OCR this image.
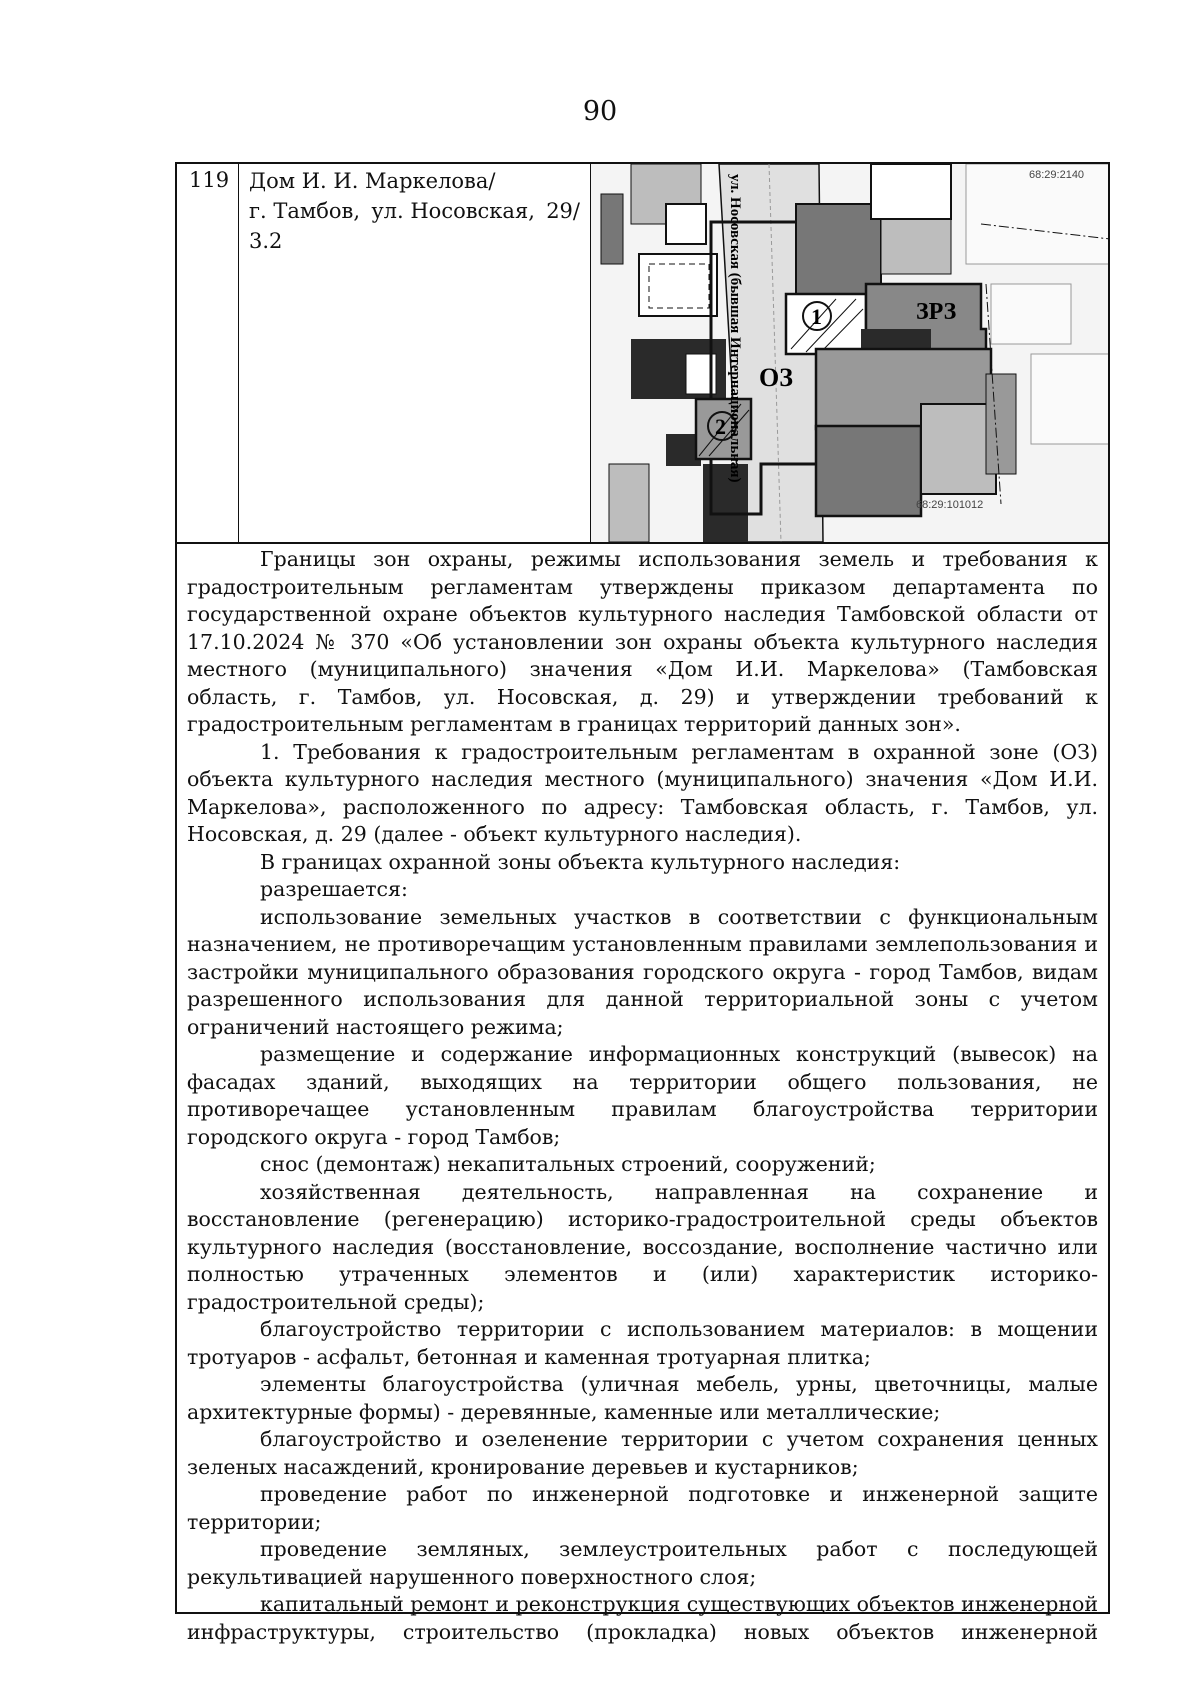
90
119 Дом И. И. Маркелова/
г. Тамбов, ул. Носовская, 29/
3.2
1
2
ОЗ
ЗРЗ
ул. Носовская (бывшая Интернациональная)	68:29:2140
68:29:101012

Границы зон охраны, режимы использования земель и требования к градостроительным регламентам утверждены приказом департамента по государственной охране объектов культурного наследия Тамбовской области от 17.10.2024 № 370 «Об установлении зон охраны объекта культурного наследия местного (муниципального) значения «Дом И.И. Маркелова» (Тамбовская область, г. Тамбов, ул. Носовская, д. 29) и утверждении требований к градостроительным регламентам в границах территорий данных зон».

1. Требования к градостроительным регламентам в охранной зоне (ОЗ) объекта культурного наследия местного (муниципального) значения «Дом И.И. Маркелова», расположенного по адресу: Тамбовская область, г. Тамбов, ул. Носовская, д. 29 (далее - объект культурного наследия).

В границах охранной зоны объекта культурного наследия:

разрешается:

использование земельных участков в соответствии с функциональным назначением, не противоречащим установленным правилами землепользования и застройки муниципального образования городского округа - город Тамбов, видам разрешенного использования для данной территориальной зоны с учетом ограничений настоящего режима;

размещение и содержание информационных конструкций (вывесок) на фасадах зданий, выходящих на территории общего пользования, не противоречащее установленным правилам благоустройства территории городского округа - город Тамбов;

снос (демонтаж) некапитальных строений, сооружений;

хозяйственная деятельность, направленная на сохранение и восстановление (регенерацию) историко-градостроительной среды объектов культурного наследия (восстановление, воссоздание, восполнение частично или полностью утраченных элементов и (или) характеристик историко-градостроительной среды);

благоустройство территории с использованием материалов: в мощении тротуаров - асфальт, бетонная и каменная тротуарная плитка;

элементы благоустройства (уличная мебель, урны, цветочницы, малые архитектурные формы) - деревянные, каменные или металлические;

благоустройство и озеленение территории с учетом сохранения ценных зеленых насаждений, кронирование деревьев и кустарников;

проведение работ по инженерной подготовке и инженерной защите территории;

проведение земляных, землеустроительных работ с последующей рекультивацией нарушенного поверхностного слоя;

капитальный ремонт и реконструкция существующих объектов инженерной инфраструктуры, строительство (прокладка) новых объектов инженерной
